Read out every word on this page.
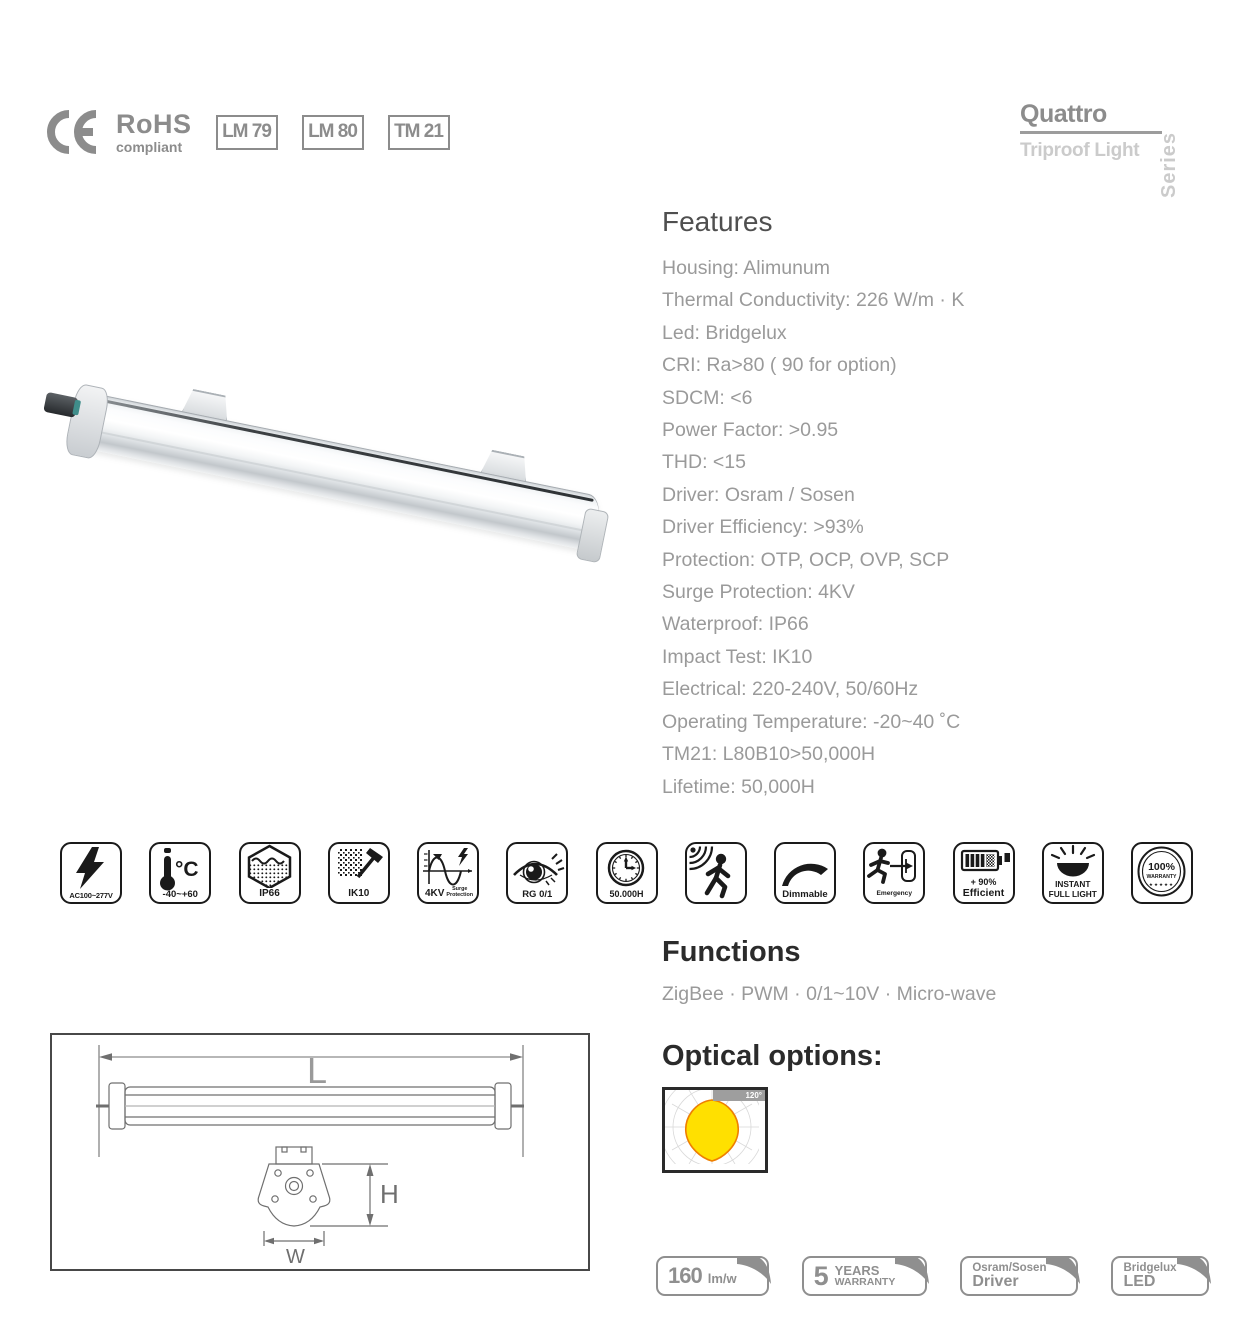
RoHS
compliant
LM 79	LM 80	TM 21
Quattro
Triproof Light Series
Features
Housing: Alimunum
Thermal Conductivity: 226 W/m · K
Led: Bridgelux
CRI: Ra>80 ( 90 for option)
SDCM: <6
Power Factor: >0.95
THD: <15
Driver: Osram / Sosen
Driver Efficiency: >93%
Protection: OTP, OCP, OVP, SCP
Surge Protection: 4KV
Waterproof: IP66
Impact Test: IK10
Electrical: 220-240V, 50/60Hz
Operating Temperature: -20~40 ˚C
TM21: L80B10>50,000H
Lifetime: 50,000H
AC100~277V
°C
-40~+60	IP66	IK10	4KV	Surge
Protection	RG 0/1	50.000H	Dimmable	Emergency
+ 90%
Efficient
INSTANT
FULL LIGHT
100%
WARRANTY
★★★★★
Functions

ZigBee · PWM · 0/1~10V · Micro-wave

Optical options:
120°
L
H
W
160 lm/w	5 YEARS
WARRANTY
Osram/Sosen
Driver
Bridgelux
LED
